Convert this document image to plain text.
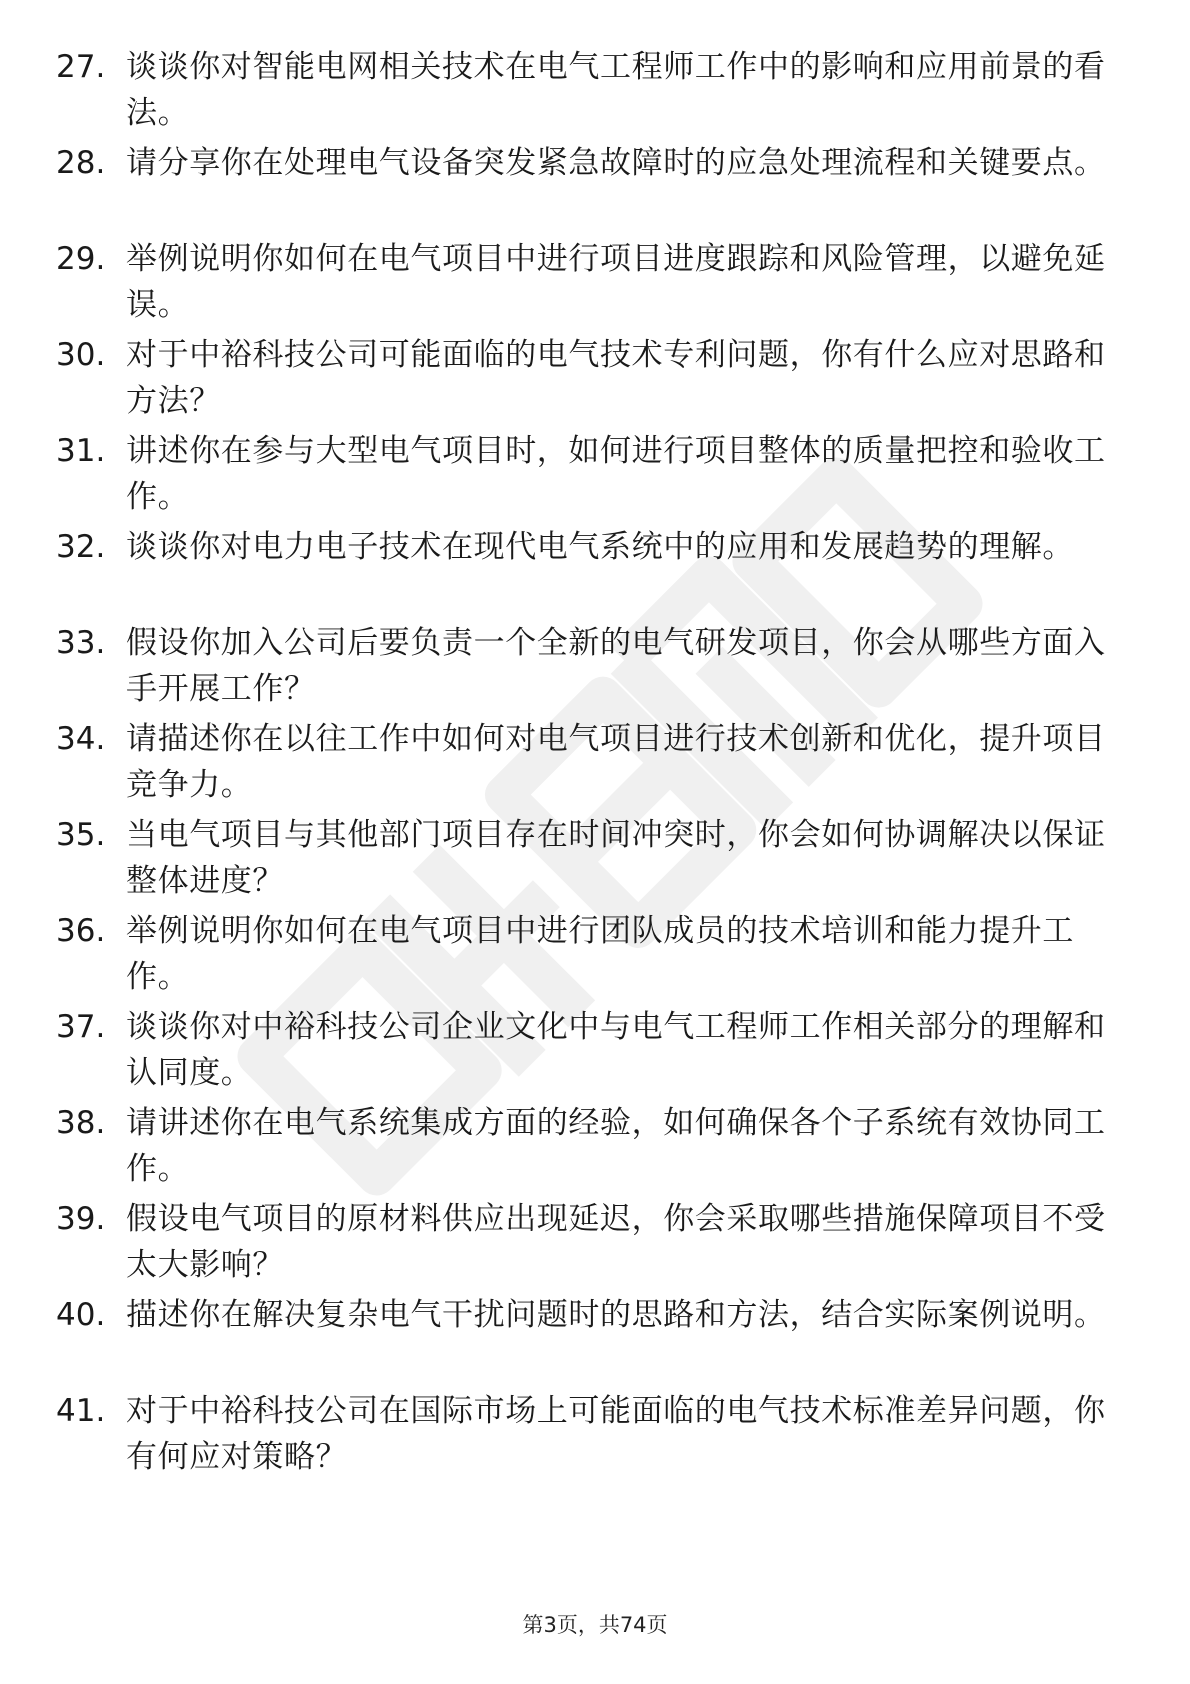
27. 谈谈你对智能电网相关技术在电气工程师工作中的影响和应用前景的看法。
28. 请分享你在处理电气设备突发紧急故障时的应急处理流程和关键要点。
29. 举例说明你如何在电气项目中进行项目进度跟踪和风险管理，以避免延误。
30. 对于中裕科技公司可能面临的电气技术专利问题，你有什么应对思路和方法？
31. 讲述你在参与大型电气项目时，如何进行项目整体的质量把控和验收工作。
32. 谈谈你对电力电子技术在现代电气系统中的应用和发展趋势的理解。
33. 假设你加入公司后要负责一个全新的电气研发项目，你会从哪些方面入手开展工作？
34. 请描述你在以往工作中如何对电气项目进行技术创新和优化，提升项目竞争力。
35. 当电气项目与其他部门项目存在时间冲突时，你会如何协调解决以保证整体进度？
36. 举例说明你如何在电气项目中进行团队成员的技术培训和能力提升工作。
37. 谈谈你对中裕科技公司企业文化中与电气工程师工作相关部分的理解和认同度。
38. 请讲述你在电气系统集成方面的经验，如何确保各个子系统有效协同工作。
39. 假设电气项目的原材料供应出现延迟，你会采取哪些措施保障项目不受太大影响？
40. 描述你在解决复杂电气干扰问题时的思路和方法，结合实际案例说明。
41. 对于中裕科技公司在国际市场上可能面临的电气技术标准差异问题，你有何应对策略？
第3页，共74页
